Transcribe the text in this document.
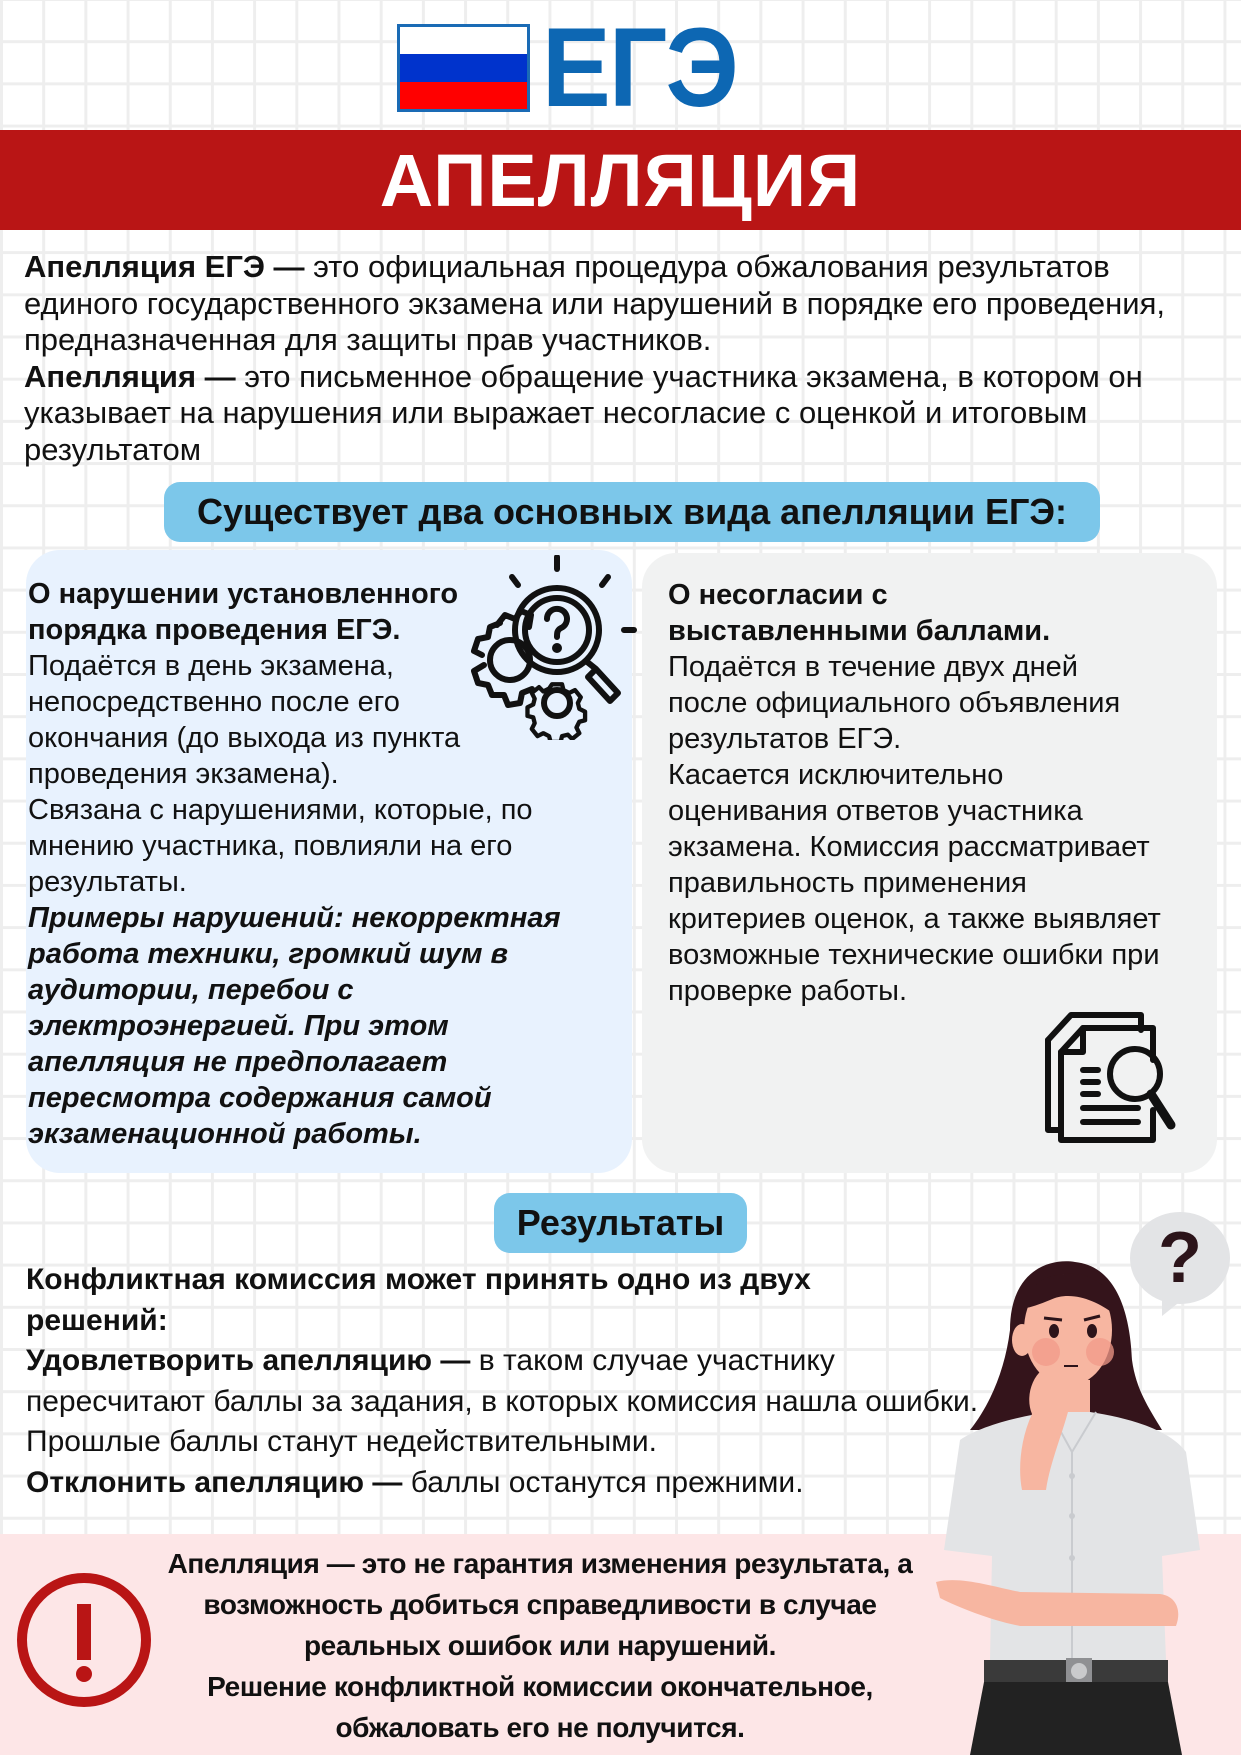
ЕГЭ
АПЕЛЛЯЦИЯ

Апелляция ЕГЭ — это официальная процедура обжалования результатов единого государственного экзамена или нарушений в порядке его проведения, предназначенная для защиты прав участников.

Апелляция — это письменное обращение участника экзамена, в котором он указывает на нарушения или выражает несогласие с оценкой и итоговым результатом

Существует два основных вида апелляции ЕГЭ:
О нарушении установленного порядка проведения ЕГЭ.
Подаётся в день экзамена, непосредственно после его окончания (до выхода из пункта проведения экзамена).
Связана с нарушениями, которые, по мнению участника, повлияли на его результаты.
Примеры нарушений: некорректная работа техники, громкий шум в аудитории, перебои с электроэнергией. При этом апелляция не предполагает пересмотра содержания самой экзаменационной работы.
О несогласии с выставленными баллами.
Подаётся в течение двух дней после официального объявления результатов ЕГЭ.
Касается исключительно оценивания ответов участника экзамена. Комиссия рассматривает правильность применения критериев оценок, а также выявляет возможные технические ошибки при проверке работы.
Результаты

Конфликтная комиссия может принять одно из двух решений:

Удовлетворить апелляцию — в таком случае участнику пересчитают баллы за задания, в которых комиссия нашла ошибки. Прошлые баллы станут недействительными.

Отклонить апелляцию — баллы останутся прежними.

Апелляция — это не гарантия изменения результата, а возможность добиться справедливости в случае реальных ошибок или нарушений.

Решение конфликтной комиссии окончательное, обжаловать его не получится.

?
